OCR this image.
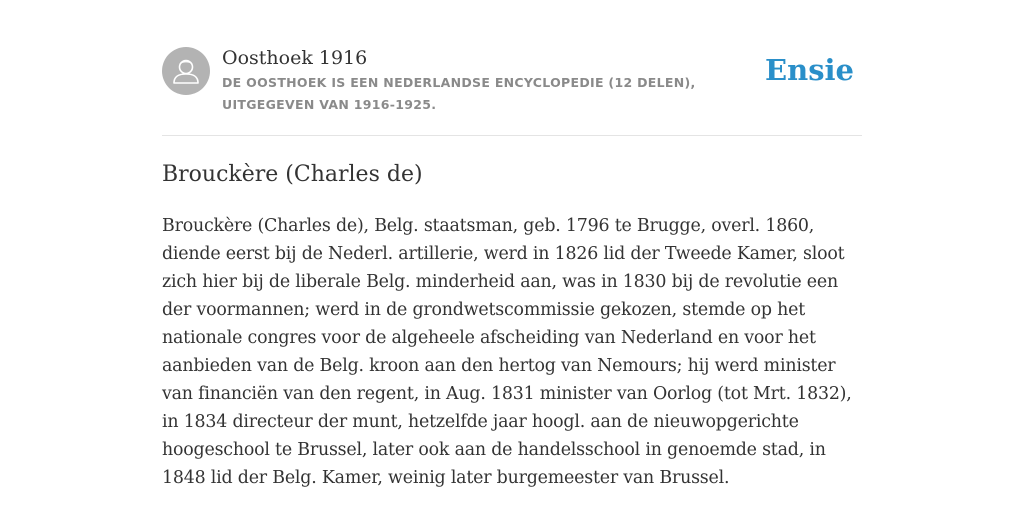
Oosthoek 1916
DE OOSTHOEK IS EEN NEDERLANDSE ENCYCLOPEDIE (12 DELEN), UITGEGEVEN VAN 1916-1925.
Ensie
Brouckère (Charles de)

Brouckère (Charles de), Belg. staatsman, geb. 1796 te Brugge, overl. 1860, diende eerst bij de Nederl. artillerie, werd in 1826 lid der Tweede Kamer, sloot zich hier bij de liberale Belg. minderheid aan, was in 1830 bij de revolutie een der voormannen; werd in de grondwetscommissie gekozen, stemde op het nationale congres voor de algeheele afscheiding van Nederland en voor het aanbieden van de Belg. kroon aan den hertog van Nemours; hij werd minister van financiën van den regent, in Aug. 1831 minister van Oorlog (tot Mrt. 1832), in 1834 directeur der munt, hetzelfde jaar hoogl. aan de nieuwopgerichte hoogeschool te Brussel, later ook aan de handelsschool in genoemde stad, in 1848 lid der Belg. Kamer, weinig later burgemeester van Brussel.
